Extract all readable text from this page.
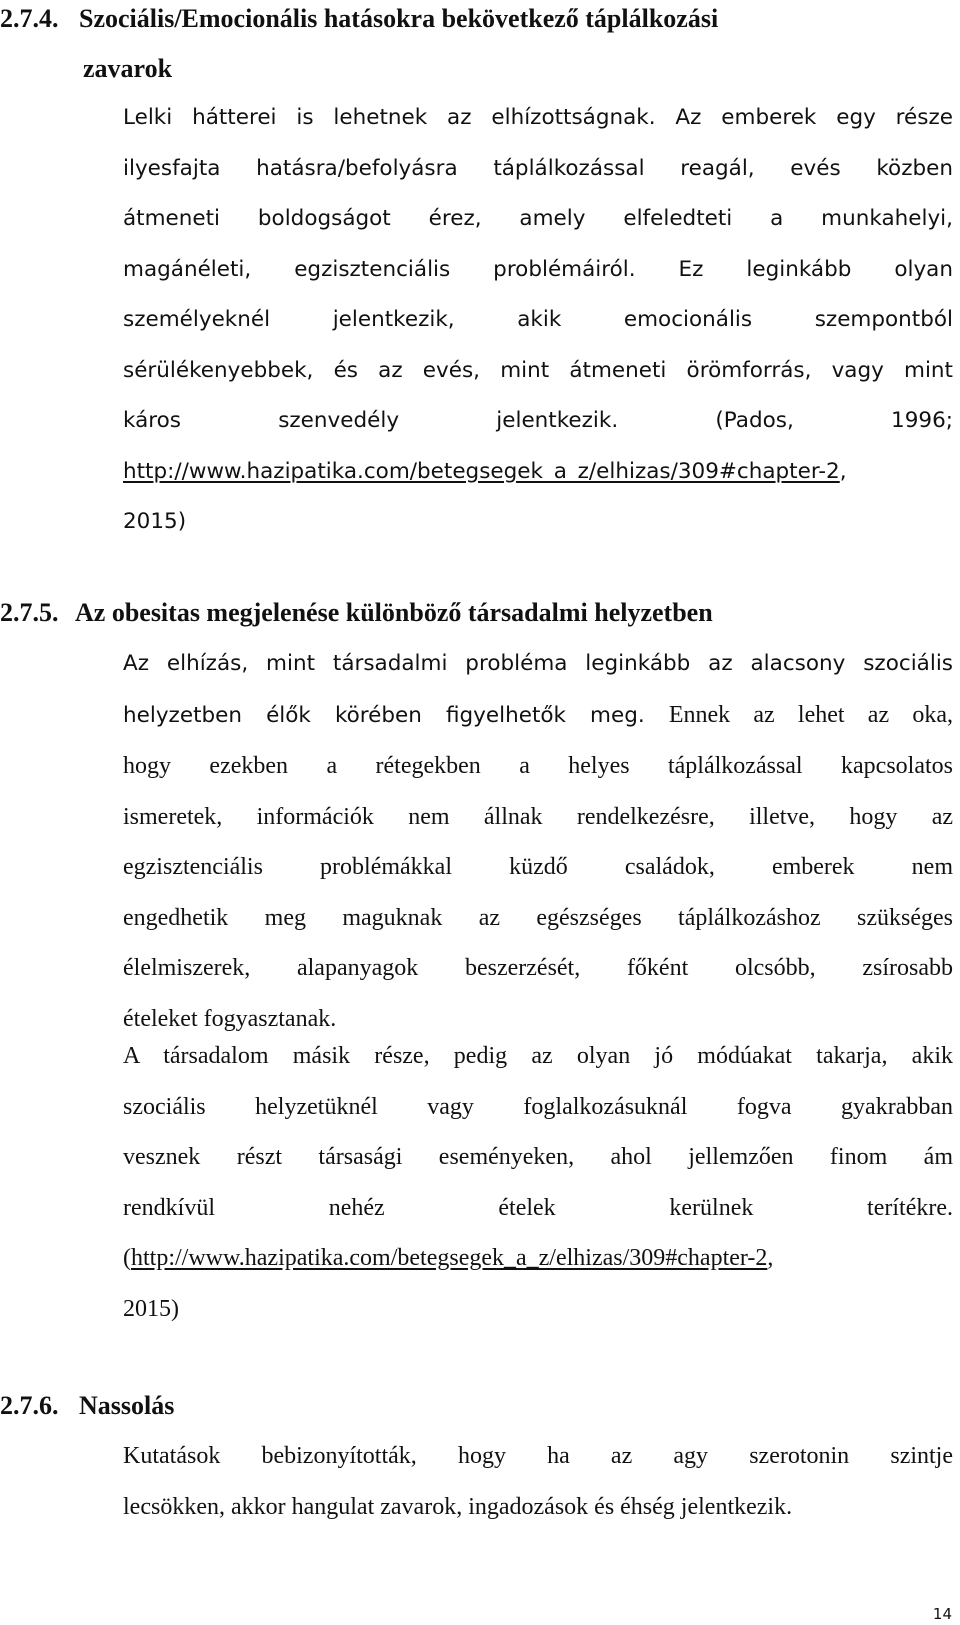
2.7.4. Szociális/Emocionális hatásokra bekövetkező táplálkozási
zavarok
Lelki hátterei is lehetnek az elhízottságnak. Az emberek egy része
ilyesfajta hatásra/befolyásra táplálkozással reagál, evés közben
átmeneti boldogságot érez, amely elfeledteti a munkahelyi,
magánéleti, egzisztenciális problémáiról. Ez leginkább olyan
személyeknél jelentkezik, akik emocionális szempontból
sérülékenyebbek, és az evés, mint átmeneti örömforrás, vagy mint
káros szenvedély jelentkezik. (Pados, 1996;
http://www.hazipatika.com/betegsegek_a_z/elhizas/309#chapter-2,
2015)
2.7.5. Az obesitas megjelenése különböző társadalmi helyzetben
Az elhízás, mint társadalmi probléma leginkább az alacsony szociális
helyzetben élők körében figyelhetők meg. Ennek az lehet az oka,
hogy ezekben a rétegekben a helyes táplálkozással kapcsolatos
ismeretek, információk nem állnak rendelkezésre, illetve, hogy az
egzisztenciális problémákkal küzdő családok, emberek nem
engedhetik meg maguknak az egészséges táplálkozáshoz szükséges
élelmiszerek, alapanyagok beszerzését, főként olcsóbb, zsírosabb
ételeket fogyasztanak.
A társadalom másik része, pedig az olyan jó módúakat takarja, akik
szociális helyzetüknél vagy foglalkozásuknál fogva gyakrabban
vesznek részt társasági eseményeken, ahol jellemzően finom ám
rendkívül nehéz ételek kerülnek terítékre.
(http://www.hazipatika.com/betegsegek_a_z/elhizas/309#chapter-2,
2015)
2.7.6. Nassolás
Kutatások bebizonyították, hogy ha az agy szerotonin szintje
lecsökken, akkor hangulat zavarok, ingadozások és éhség jelentkezik.
14
